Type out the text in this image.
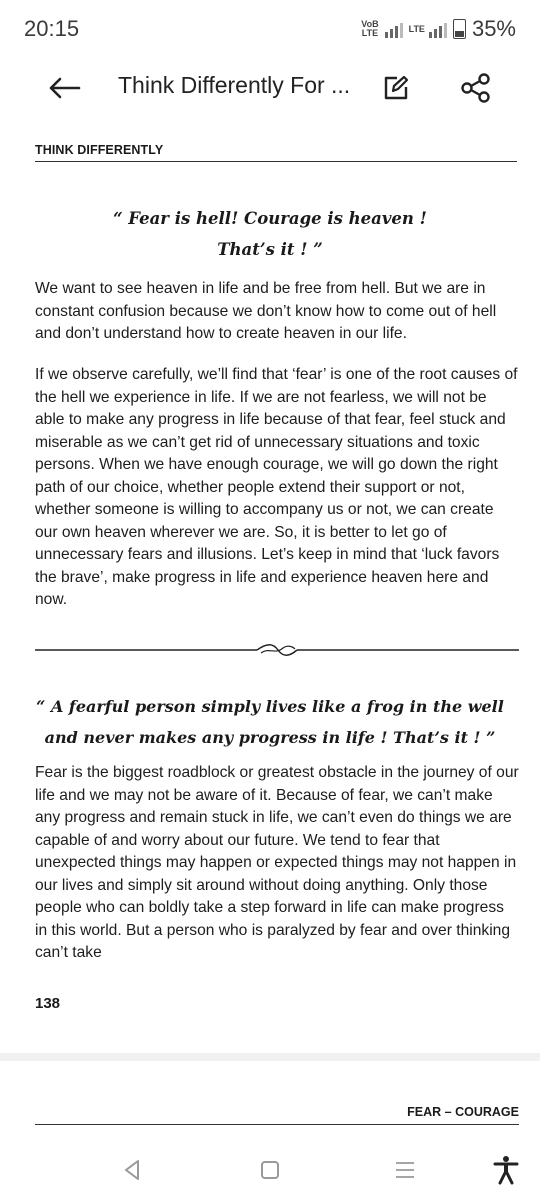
20:15	VoB
LTE	LTE 35%
Think Differently For ...
THINK DIFFERENTLY
“ Fear is hell! Courage is heaven !
That’s it ! ”

We want to see heaven in life and be free from hell. But we are in constant confusion because we don’t know how to come out of hell and don’t understand how to create heaven in our life.

If we observe carefully, we’ll find that ‘fear’ is one of the root causes of the hell we experience in life. If we are not fearless, we will not be able to make any progress in life because of that fear, feel stuck and miserable as we can’t get rid of unnecessary situations and toxic persons. When we have enough courage, we will go down the right path of our choice, whether people extend their support or not, whether someone is willing to accompany us or not, we can create our own heaven wherever we are. So, it is better to let go of unnecessary fears and illusions. Let’s keep in mind that ‘luck favors the brave’, make progress in life and experience heaven here and now.

“ A fearful person simply lives like a frog in the well
and never makes any progress in life ! That’s it ! ”

Fear is the biggest roadblock or greatest obstacle in the journey of our life and we may not be aware of it. Because of fear, we can’t make any progress and remain stuck in life, we can’t even do things we are capable of and worry about our future. We tend to fear that unexpected things may happen or expected things may not happen in our lives and simply sit around without doing anything. Only those people who can boldly take a step forward in life can make progress in this world. But a person who is paralyzed by fear and over thinking can’t take

138
FEAR – COURAGE
